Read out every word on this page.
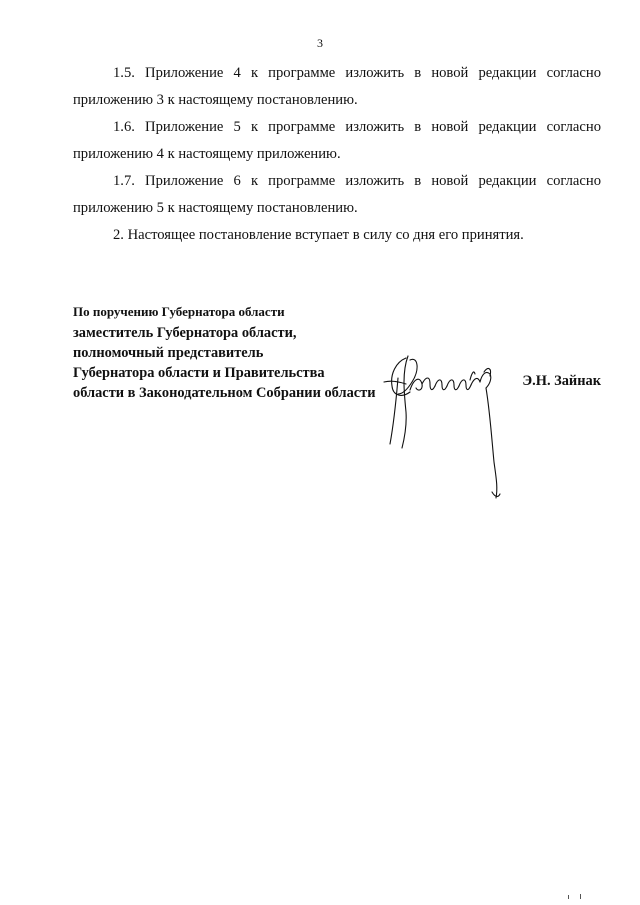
3

1.5. Приложение 4 к программе изложить в новой редакции согласно приложению 3 к настоящему постановлению.

1.6. Приложение 5 к программе изложить в новой редакции согласно приложению 4 к настоящему приложению.

1.7. Приложение 6 к программе изложить в новой редакции согласно приложению 5 к настоящему постановлению.

2. Настоящее постановление вступает в силу со дня его принятия.

По поручению Губернатора области
заместитель Губернатора области,
полномочный представитель
Губернатора области и Правительства
области в Законодательном Собрании области
Э.Н. Зайнак
